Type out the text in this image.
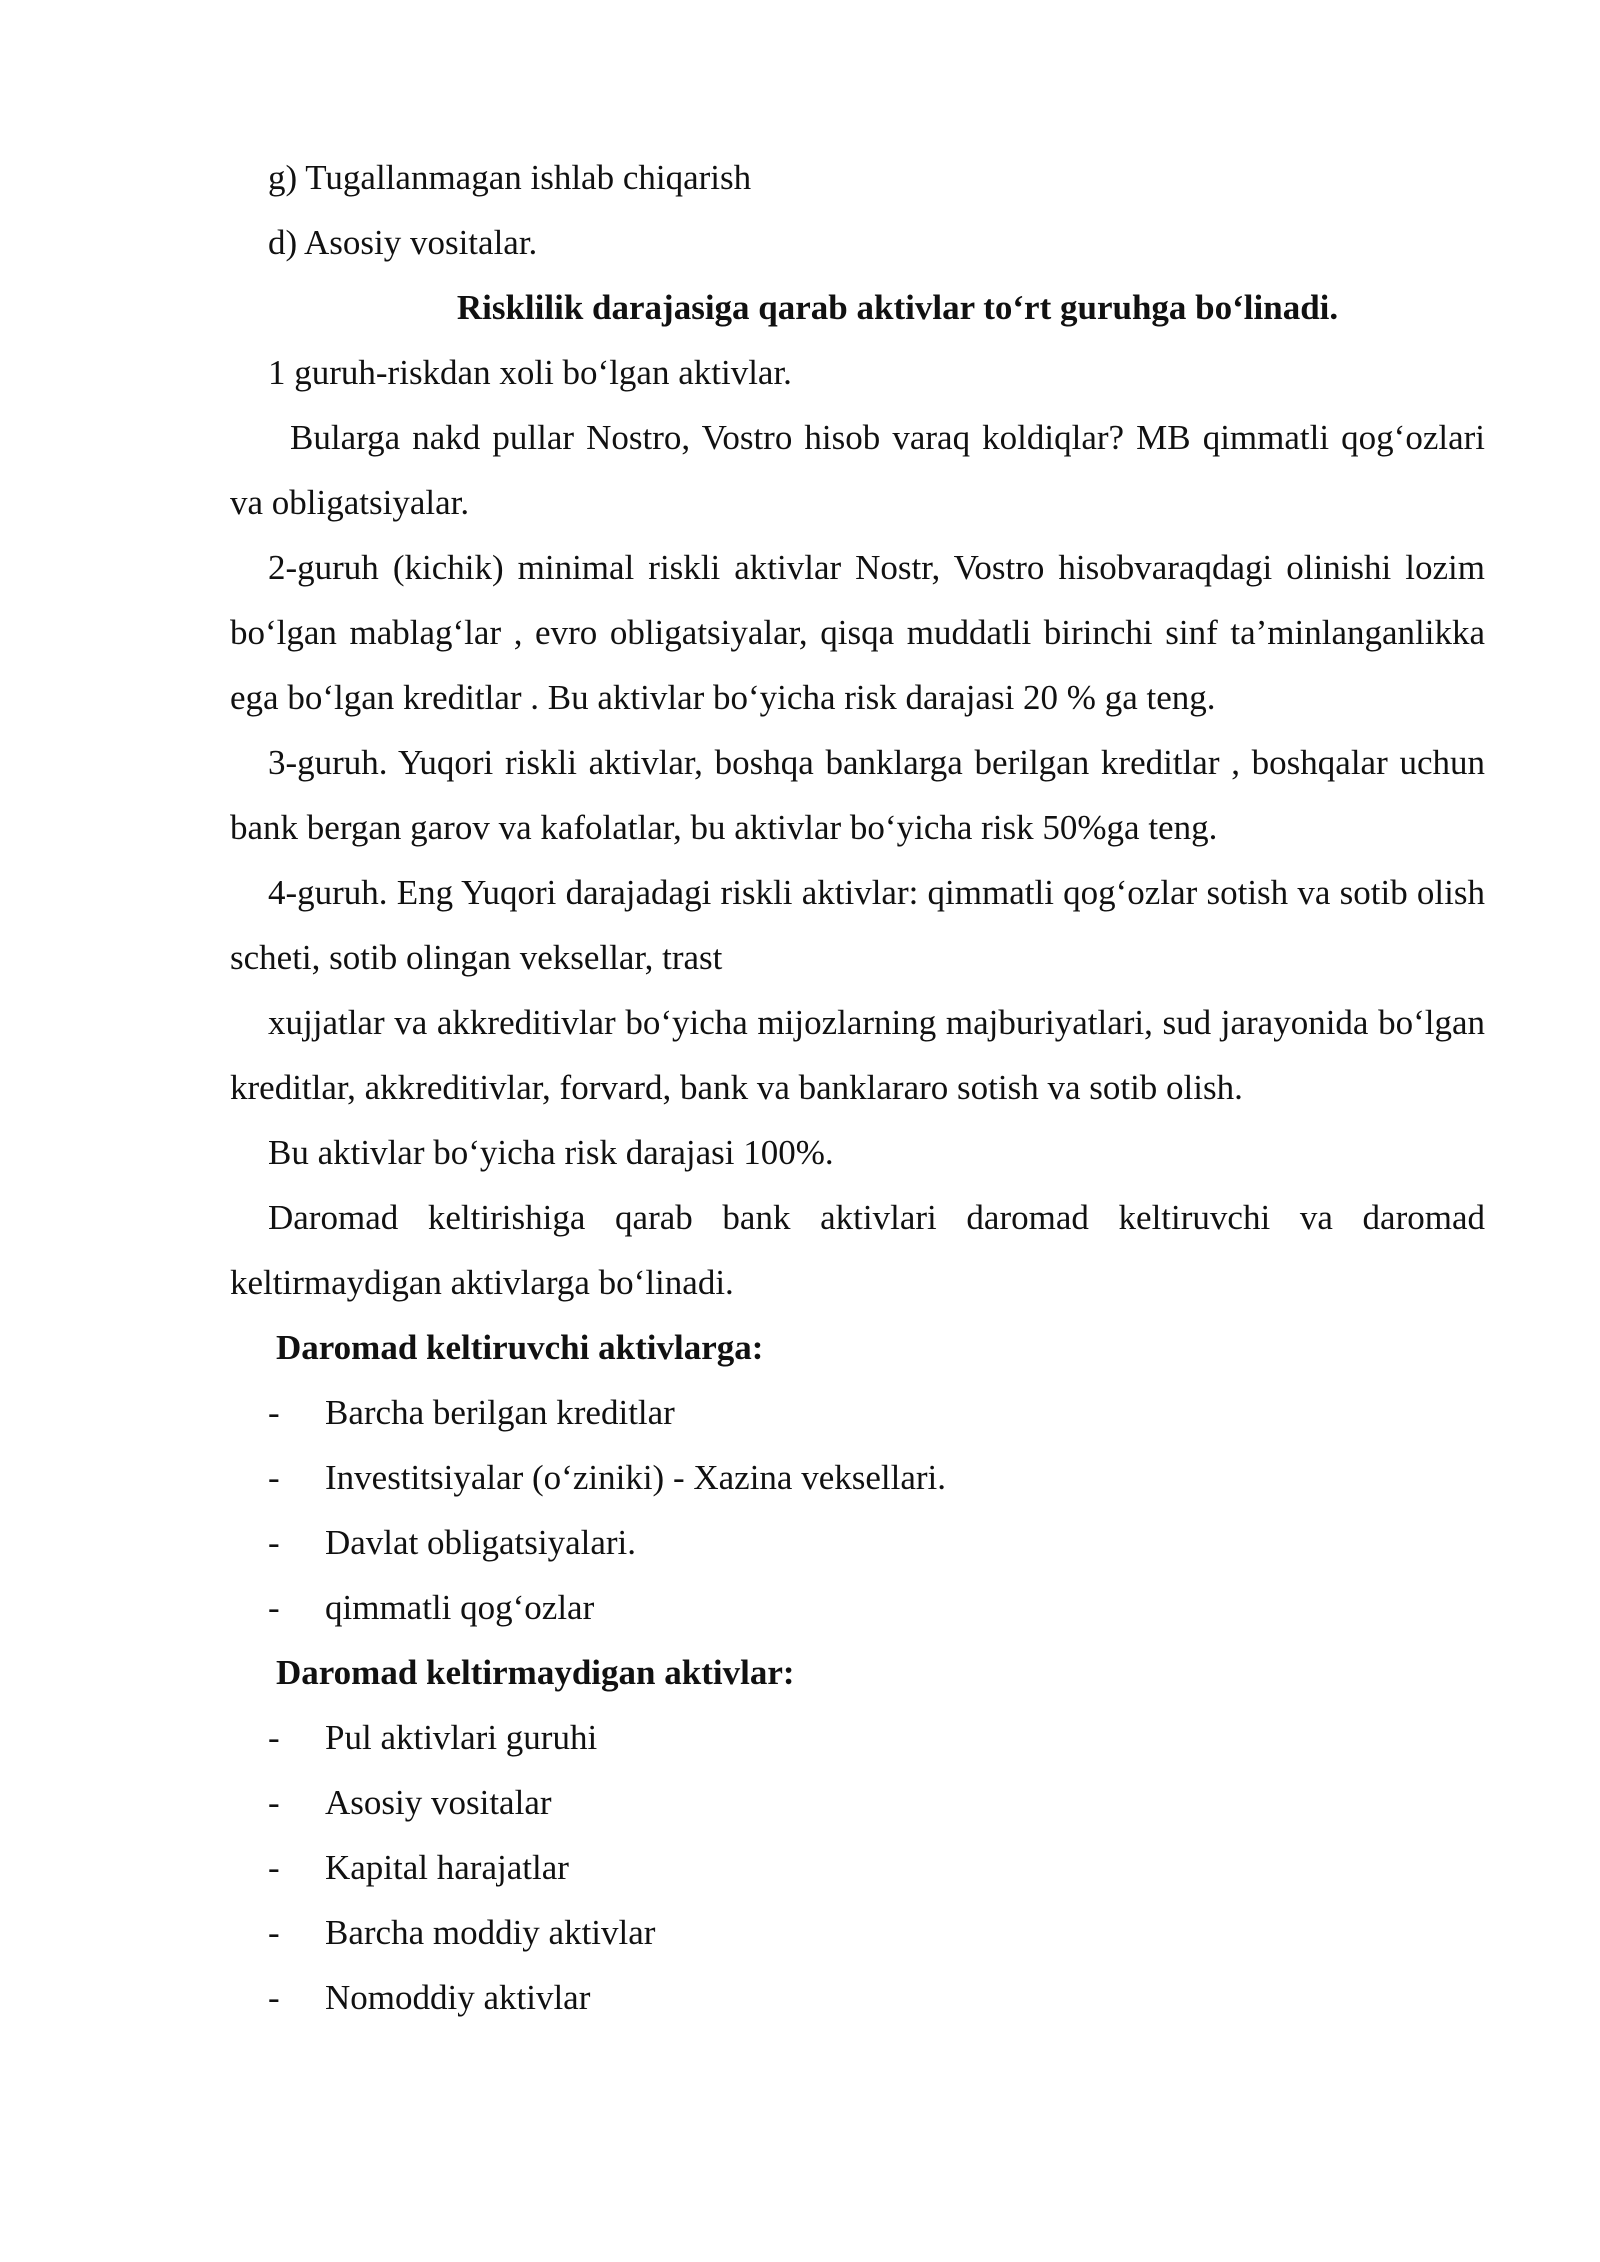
g) Tugallanmagan ishlab chiqarish

d) Asosiy vositalar.

Risklilik darajasiga qarab aktivlar to‘rt guruhga bo‘linadi.

1 guruh-riskdan xoli bo‘lgan aktivlar.

Bularga nakd pullar Nostro, Vostro hisob varaq koldiqlar? MB qimmatli qog‘ozlari va obligatsiyalar.

2-guruh (kichik) minimal riskli aktivlar Nostr, Vostro hisobvaraqdagi olinishi lozim bo‘lgan mablag‘lar , evro obligatsiyalar, qisqa muddatli birinchi sinf ta’minlanganlikka ega bo‘lgan kreditlar . Bu aktivlar bo‘yicha risk darajasi 20 % ga teng.

3-guruh. Yuqori riskli aktivlar, boshqa banklarga berilgan kreditlar , boshqalar uchun bank bergan garov va kafolatlar, bu aktivlar bo‘yicha risk 50%ga teng.

4-guruh. Eng Yuqori darajadagi riskli aktivlar: qimmatli qog‘ozlar sotish va sotib olish scheti, sotib olingan veksellar, trast

xujjatlar va akkreditivlar bo‘yicha mijozlarning majburiyatlari, sud jarayonida bo‘lgan kreditlar, akkreditivlar, forvard, bank va banklararo sotish va sotib olish.

Bu aktivlar bo‘yicha risk darajasi 100%.

Daromad keltirishiga qarab bank aktivlari daromad keltiruvchi va daromad keltirmaydigan aktivlarga bo‘linadi.

Daromad keltiruvchi aktivlarga:

- Barcha berilgan kreditlar
- Investitsiyalar (o‘ziniki) - Xazina veksellari.
- Davlat obligatsiyalari.
- qimmatli qog‘ozlar

Daromad keltirmaydigan aktivlar:

- Pul aktivlari guruhi
- Asosiy vositalar
- Kapital harajatlar
- Barcha moddiy aktivlar
- Nomoddiy aktivlar
